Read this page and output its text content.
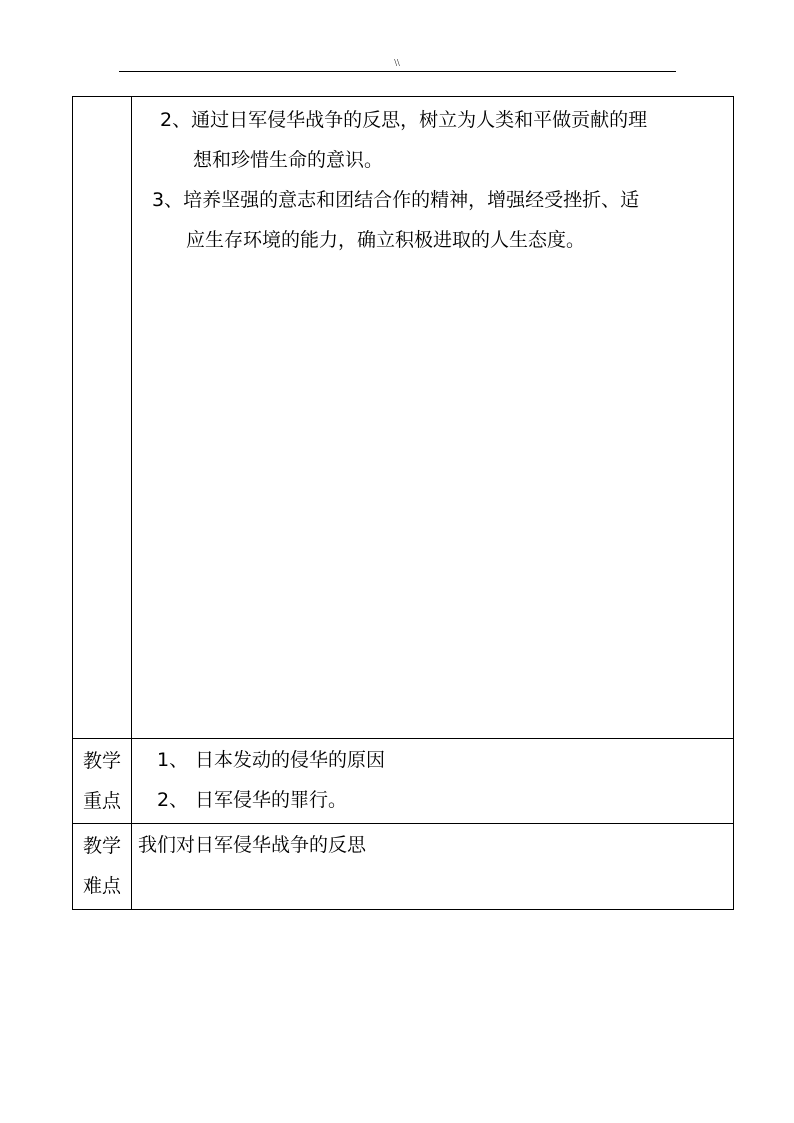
\\

	2、通过日军侵华战争的反思，树立为人类和平做贡献的理
想和珍惜生命的意识。
3、培养坚强的意志和团结合作的精神，增强经受挫折、适
应生存环境的能力，确立积极进取的人生态度。

教学
重点	1、 日本发动的侵华的原因
2、 日军侵华的罪行。

教学
难点	我们对日军侵华战争的反思
